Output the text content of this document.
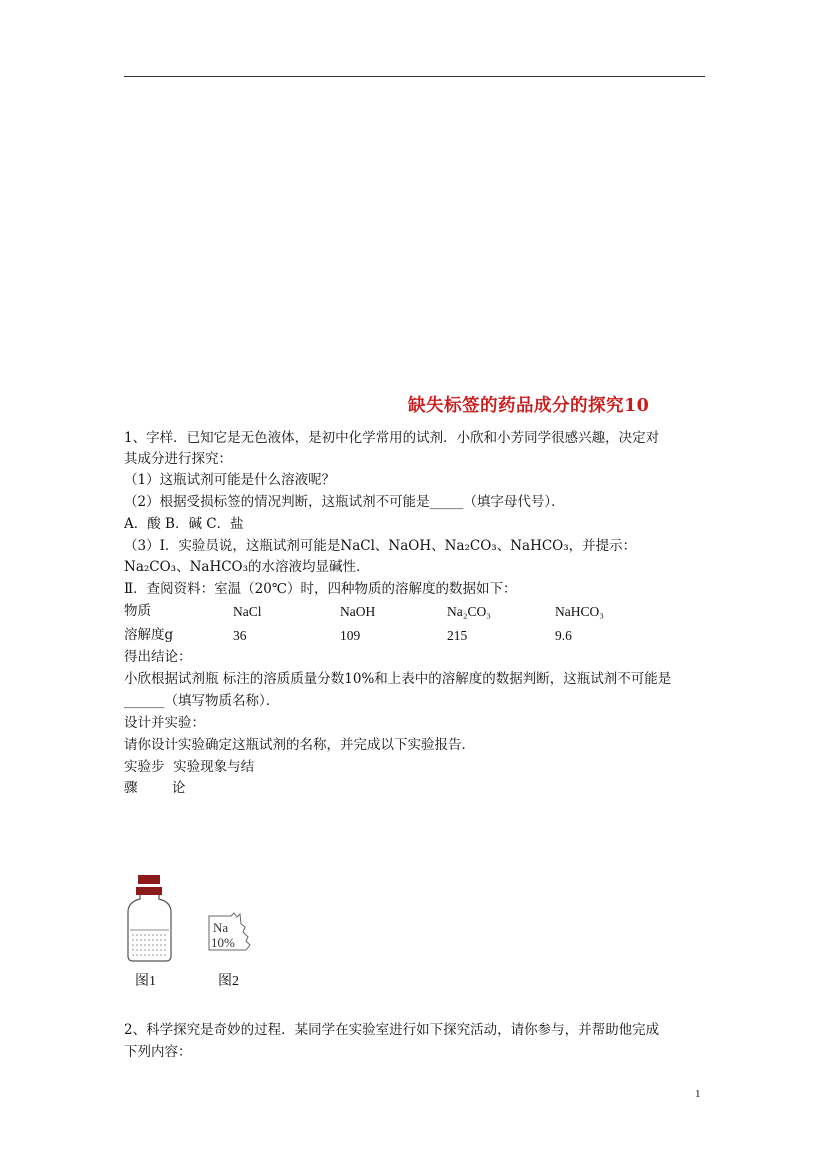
缺失标签的药品成分的探究10
1、字样．已知它是无色液体，是初中化学常用的试剂．小欣和小芳同学很感兴趣，决定对
其成分进行探究：
（1）这瓶试剂可能是什么溶液呢？
（2）根据受损标签的情况判断，这瓶试剂不可能是_____（填字母代号）．
A．酸 B．碱 C．盐
（3）Ⅰ．实验员说，这瓶试剂可能是NaCl、NaOH、Na₂CO₃、NaHCO₃，并提示：
Na₂CO₃、NaHCO₃的水溶液均显碱性．
Ⅱ．查阅资料：室温（20℃）时，四种物质的溶解度的数据如下：
物质	NaCl	NaOH	Na₂CO₃	NaHCO₃
溶解度g	36	109	215	9.6
得出结论：
小欣根据试剂瓶 标注的溶质质量分数10%和上表中的溶解度的数据判断，这瓶试剂不可能是
______（填写物质名称）．
设计并实验：
请你设计实验确定这瓶试剂的名称，并完成以下实验报告．
实验步  实验现象与结
骤        论
Na
10%
图1	图2
2、科学探究是奇妙的过程．某同学在实验室进行如下探究活动，请你参与，并帮助他完成
下列内容：
1
